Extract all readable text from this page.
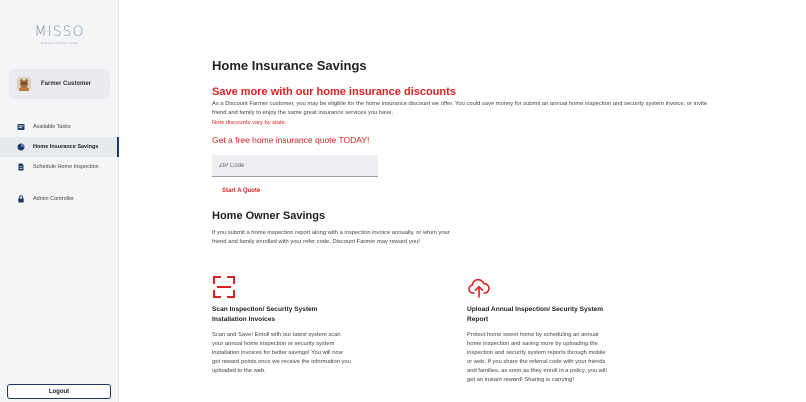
MISSO
Discount Farmer Portal
Farmer Customer
Available Tasks
Home Insurance Savings
Schedule Home Inspection
Admin Controller
Logout
Home Insurance Savings
Save more with our home insurance discounts

As a Discount Farmer customer, you may be eligible for the home insurance discount we offer. You could save money for submit an annual home inspection and security system invoice, or invite friend and family to enjoy the same great insurance services you have.

Note discounts vary by state.

Get a free home insurance quote TODAY!
ZIP Code
Start A Quote
Home Owner Savings

If you submit a home inspection report along with a inspection invoice annually, or when your friend and family enrolled with your refer code, Discount Farmer may reward you!

Scan Inspection/ Security System Installation Invoices

Scan and Save! Enroll with our latest system scan your annual home inspection or security system installation invoices for better savings! You will now get reward points once we receive the information you uploaded to the web.

Upload Annual Inspection/ Security System Report

Protect home sweet home by scheduling an annual home inspection and saving more by uploading the inspection and security system reports through mobile or web. If you share the referral code with your friends and families, as soon as they enroll in a policy, you will get an instant reward! Sharing is carrying!
